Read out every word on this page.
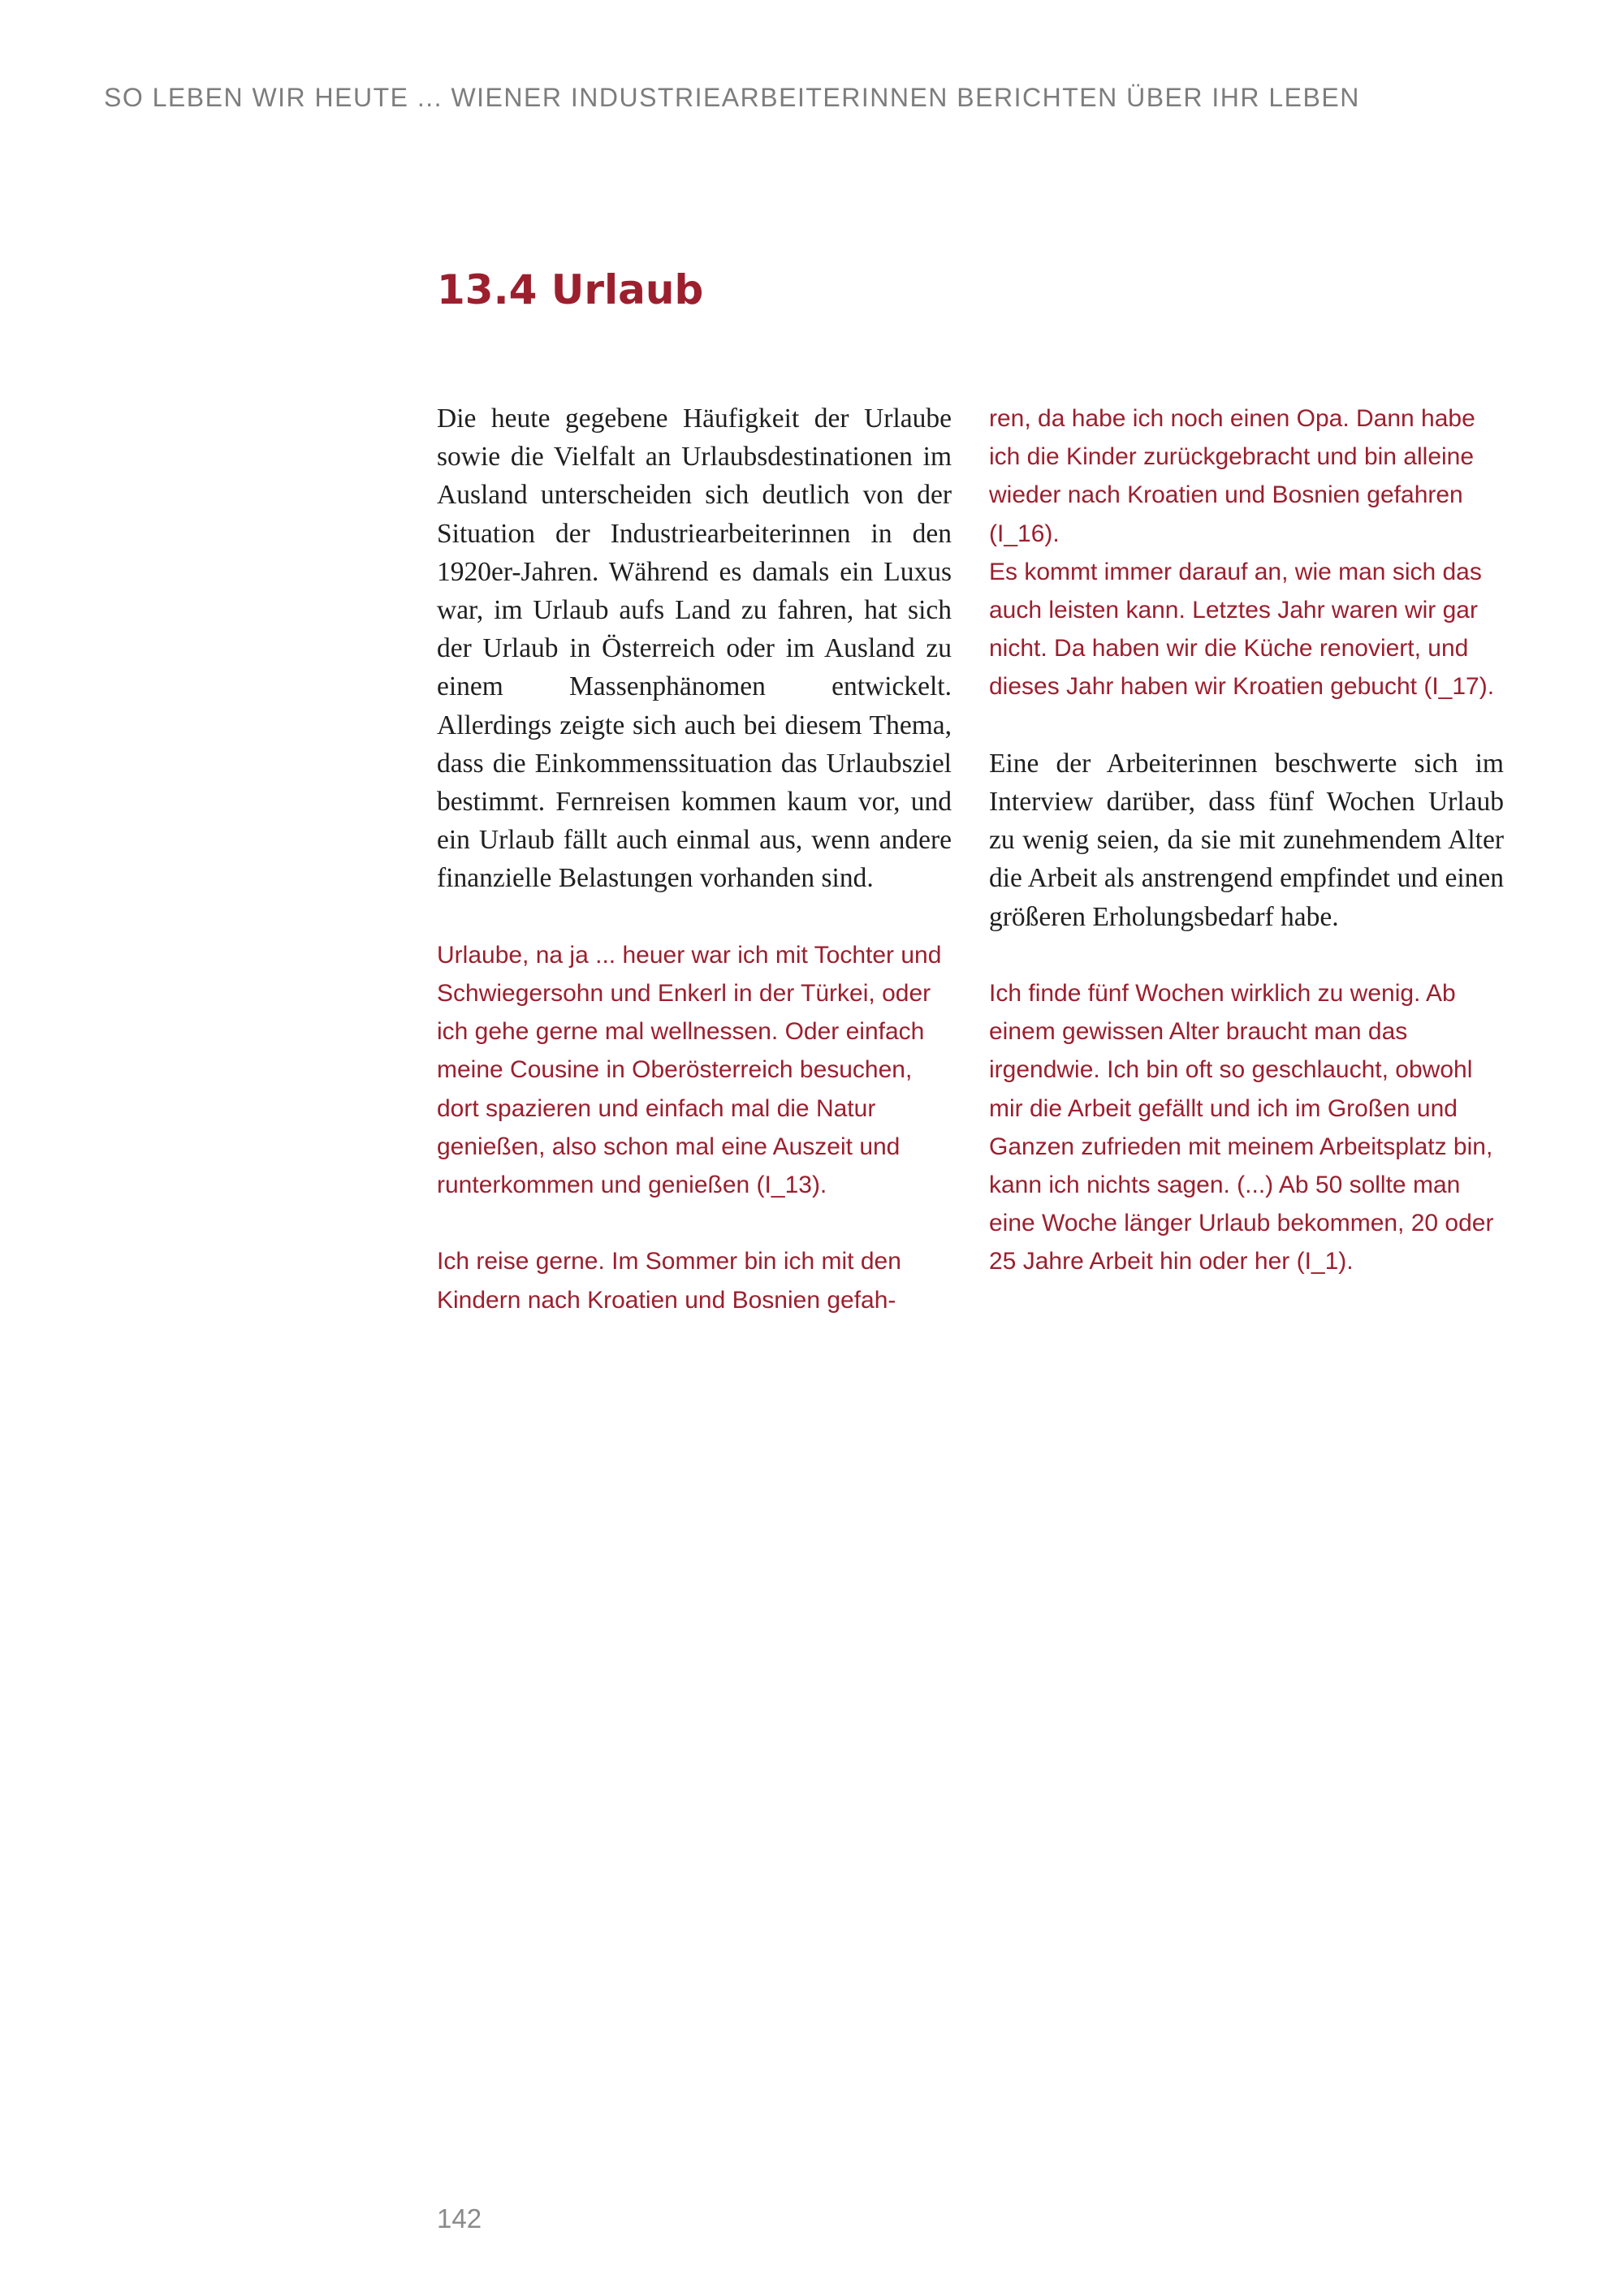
SO LEBEN WIR HEUTE ... WIENER INDUSTRIEARBEITERINNEN BERICHTEN ÜBER IHR LEBEN
13.4 Urlaub

Die heute gegebene Häufigkeit der Urlaube sowie die Vielfalt an Urlaubsdestinationen im Ausland unterscheiden sich deutlich von der Situation der Industriearbeiterinnen in den 1920er-Jahren. Während es damals ein Luxus war, im Urlaub aufs Land zu fahren, hat sich der Urlaub in Österreich oder im Ausland zu einem Massenphänomen entwickelt. Allerdings zeigte sich auch bei diesem Thema, dass die Einkommenssituation das Urlaubsziel bestimmt. Fernreisen kommen kaum vor, und ein Urlaub fällt auch einmal aus, wenn andere finanzielle Belastungen vorhanden sind.

Urlaube, na ja ... heuer war ich mit Tochter und Schwiegersohn und Enkerl in der Türkei, oder ich gehe gerne mal wellnessen. Oder einfach meine Cousine in Oberösterreich besuchen, dort spazieren und einfach mal die Natur genießen, also schon mal eine Auszeit und runterkommen und genießen (I_13).

Ich reise gerne. Im Sommer bin ich mit den Kindern nach Kroatien und Bosnien gefah-

ren, da habe ich noch einen Opa. Dann habe ich die Kinder zurückgebracht und bin alleine wieder nach Kroatien und Bosnien gefahren (I_16).

Es kommt immer darauf an, wie man sich das auch leisten kann. Letztes Jahr waren wir gar nicht. Da haben wir die Küche renoviert, und dieses Jahr haben wir Kroatien gebucht (I_17).

Eine der Arbeiterinnen beschwerte sich im Interview darüber, dass fünf Wochen Urlaub zu wenig seien, da sie mit zunehmendem Alter die Arbeit als anstrengend empfindet und einen größeren Erholungsbedarf habe.

Ich finde fünf Wochen wirklich zu wenig. Ab einem gewissen Alter braucht man das irgendwie. Ich bin oft so geschlaucht, obwohl mir die Arbeit gefällt und ich im Großen und Ganzen zufrieden mit meinem Arbeitsplatz bin, kann ich nichts sagen. (...) Ab 50 sollte man eine Woche länger Urlaub bekommen, 20 oder 25 Jahre Arbeit hin oder her (I_1).

142
